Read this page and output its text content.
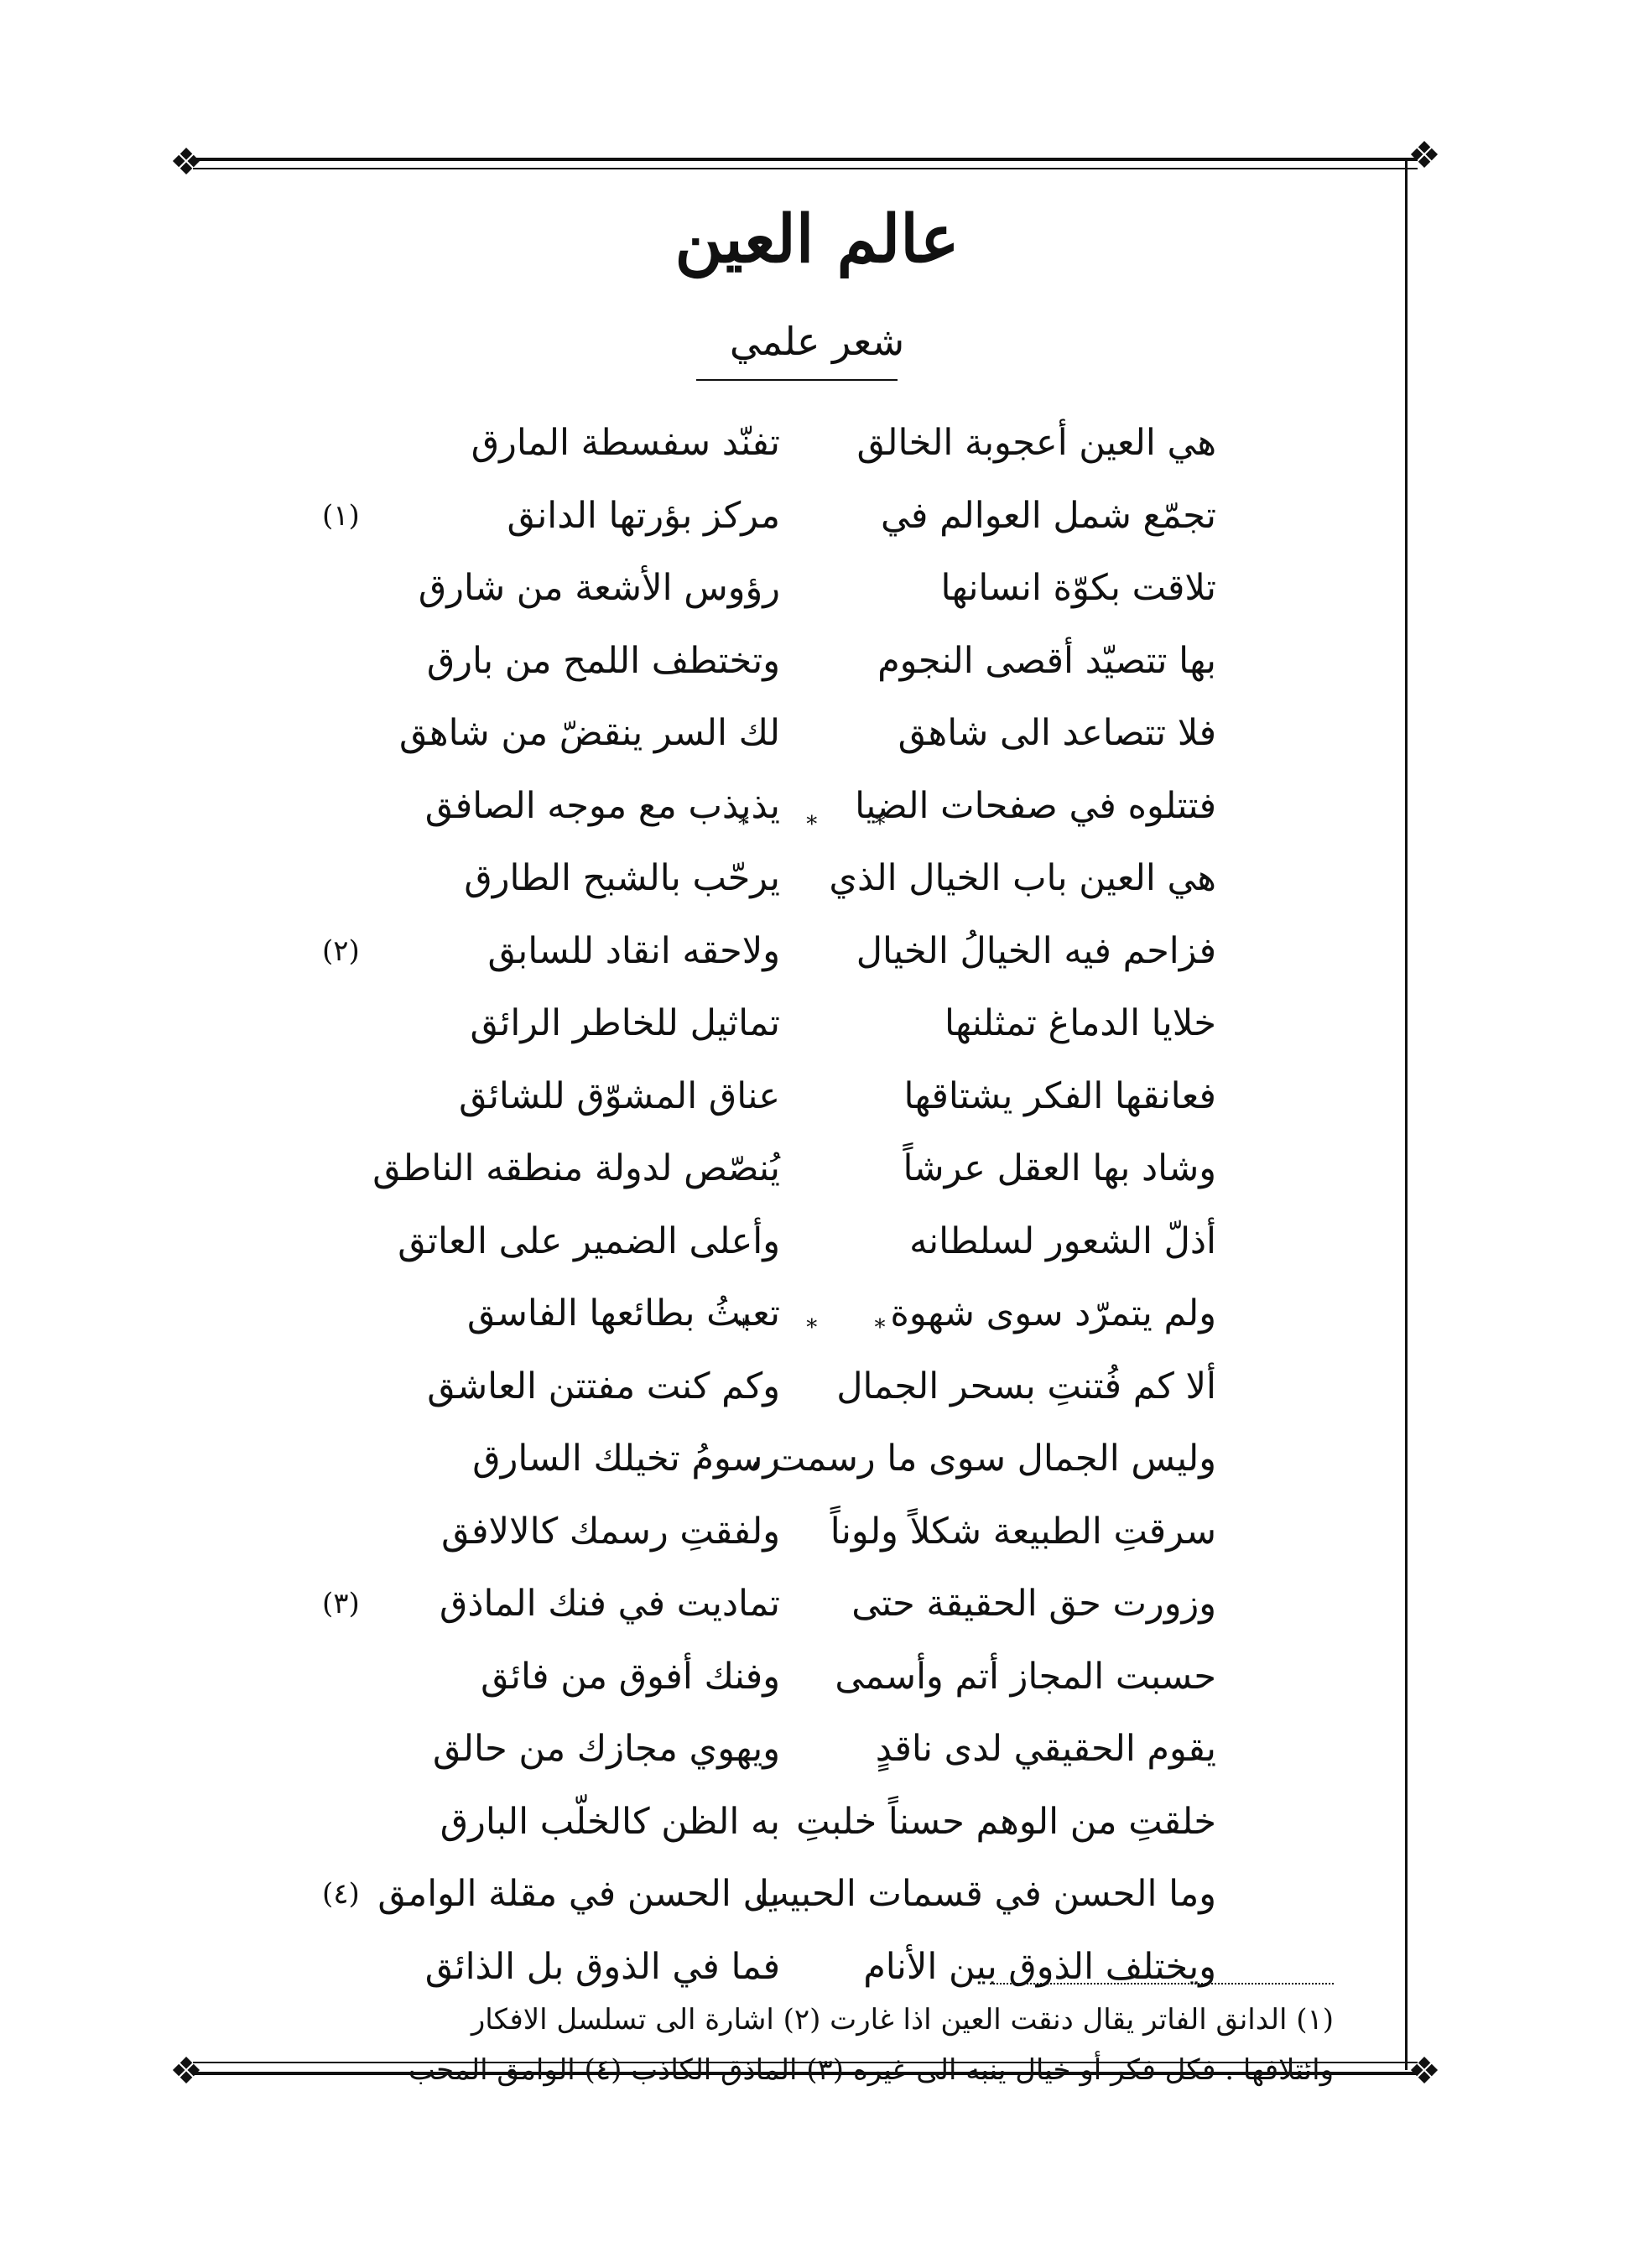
❖	❖
❖	❖
عالم العين
شعر علمي
هي العين أعجوبة الخالق
تفنّد سفسطة المارق
تجمّع شمل العوالم في
مركز بؤرتها الدانق
(١)
تلاقت بكوّة انسانها
رؤوس الأشعة من شارق
بها تتصيّد أقصى النجوم
وتختطف اللمح من بارق
فلا تتصاعد الى شاهق
لك السر ينقضّ من شاهق
فتتلوه في صفحات الضيا
يذبذب مع موجه الصافق
هي العين باب الخيال الذي
يرحّب بالشبح الطارق
فزاحم فيه الخيالُ الخيال
ولاحقه انقاد للسابق
(٢)
خلايا الدماغ تمثلنها
تماثيل للخاطر الرائق
فعانقها الفكر يشتاقها
عناق المشوّق للشائق
وشاد بها العقل عرشاً
يُنصّص لدولة منطقه الناطق
أذلّ الشعور لسلطانه
وأعلى الضمير على العاتق
ولم يتمرّد سوى شهوة
تعبثُ بطائعها الفاسق
ألا كم فُتنتِ بسحر الجمال
وكم كنت مفتتن العاشق
وليس الجمال سوى ما رسمت ،
رسومُ تخيلك السارق
سرقتِ الطبيعة شكلاً ولوناً
ولفقتِ رسمك كالالافق
وزورت حق الحقيقة حتى
تماديت في فنك الماذق
(٣)
حسبت المجاز أتم وأسمى
وفنك أفوق من فائق
يقوم الحقيقي لدى ناقدٍ
ويهوي مجازك من حالق
خلقتِ من الوهم حسناً خلبتِ
به الظن كالخلّب البارق
وما الحسن في قسمات الحبيب
بل الحسن في مقلة الوامق
(٤)
ويختلف الذوق بين الأنام
فما في الذوق بل الذائق
* * *
* * *

(١) الدانق الفاتر يقال دنقت العين اذا غارت (٢) اشارة الى تسلسل الافكار

وائتلافها . فكل فكر أو خيال ينبه الى غيره (٣) الماذق الكاذب (٤) الوامق المحب
